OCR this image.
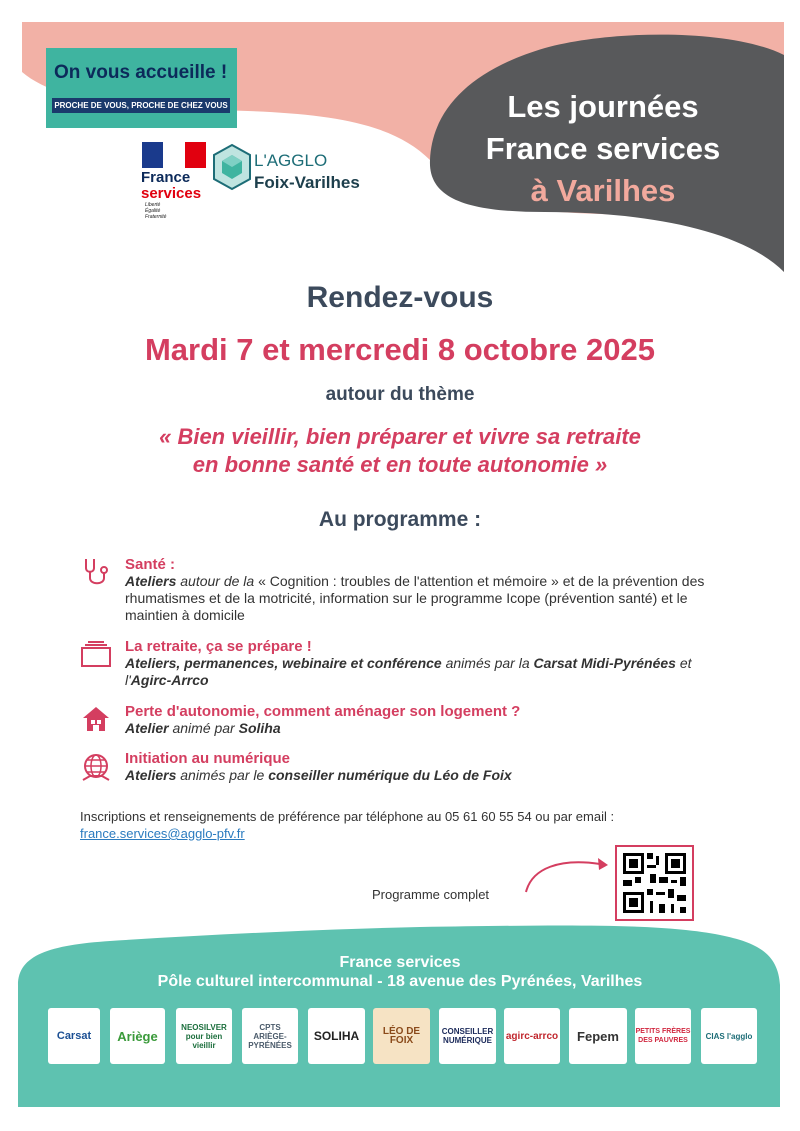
On vous accueille !
PROCHE DE VOUS, PROCHE DE CHEZ VOUS
France
services
Liberté
Égalité
Fraternité
L'AGGLO
Foix-Varilhes
Les journées
France services
à Varilhes
Rendez-vous
Mardi 7 et mercredi 8 octobre 2025
autour du thème
« Bien vieillir, bien préparer et vivre sa retraite
en bonne santé et en toute autonomie »
Au programme :
Santé :
Ateliers autour de la « Cognition : troubles de l'attention et mémoire » et de la prévention des rhumatismes et de la motricité, information sur le programme Icope (prévention santé) et le maintien à domicile
La retraite, ça se prépare !
Ateliers, permanences, webinaire et conférence animés par la Carsat Midi-Pyrénées et l'Agirc-Arrco
Perte d'autonomie, comment aménager son logement ?
Atelier animé par Soliha
Initiation au numérique
Ateliers animés par le conseiller numérique du Léo de Foix
Inscriptions et renseignements de préférence par téléphone au 05 61 60 55 54 ou par email :
france.services@agglo-pfv.fr
Programme complet
France services
Pôle culturel intercommunal - 18 avenue des Pyrénées, Varilhes
Carsat Ariège
NEOSILVER pour bien vieillir
CPTS ARIÈGE-PYRÉNÉES
SOLIHA	LÉO DE FOIX
CONSEILLER NUMÉRIQUE	agirc-arrco Fepem PETITS FRÈRES DES PAUVRES	CIAS l'agglo
